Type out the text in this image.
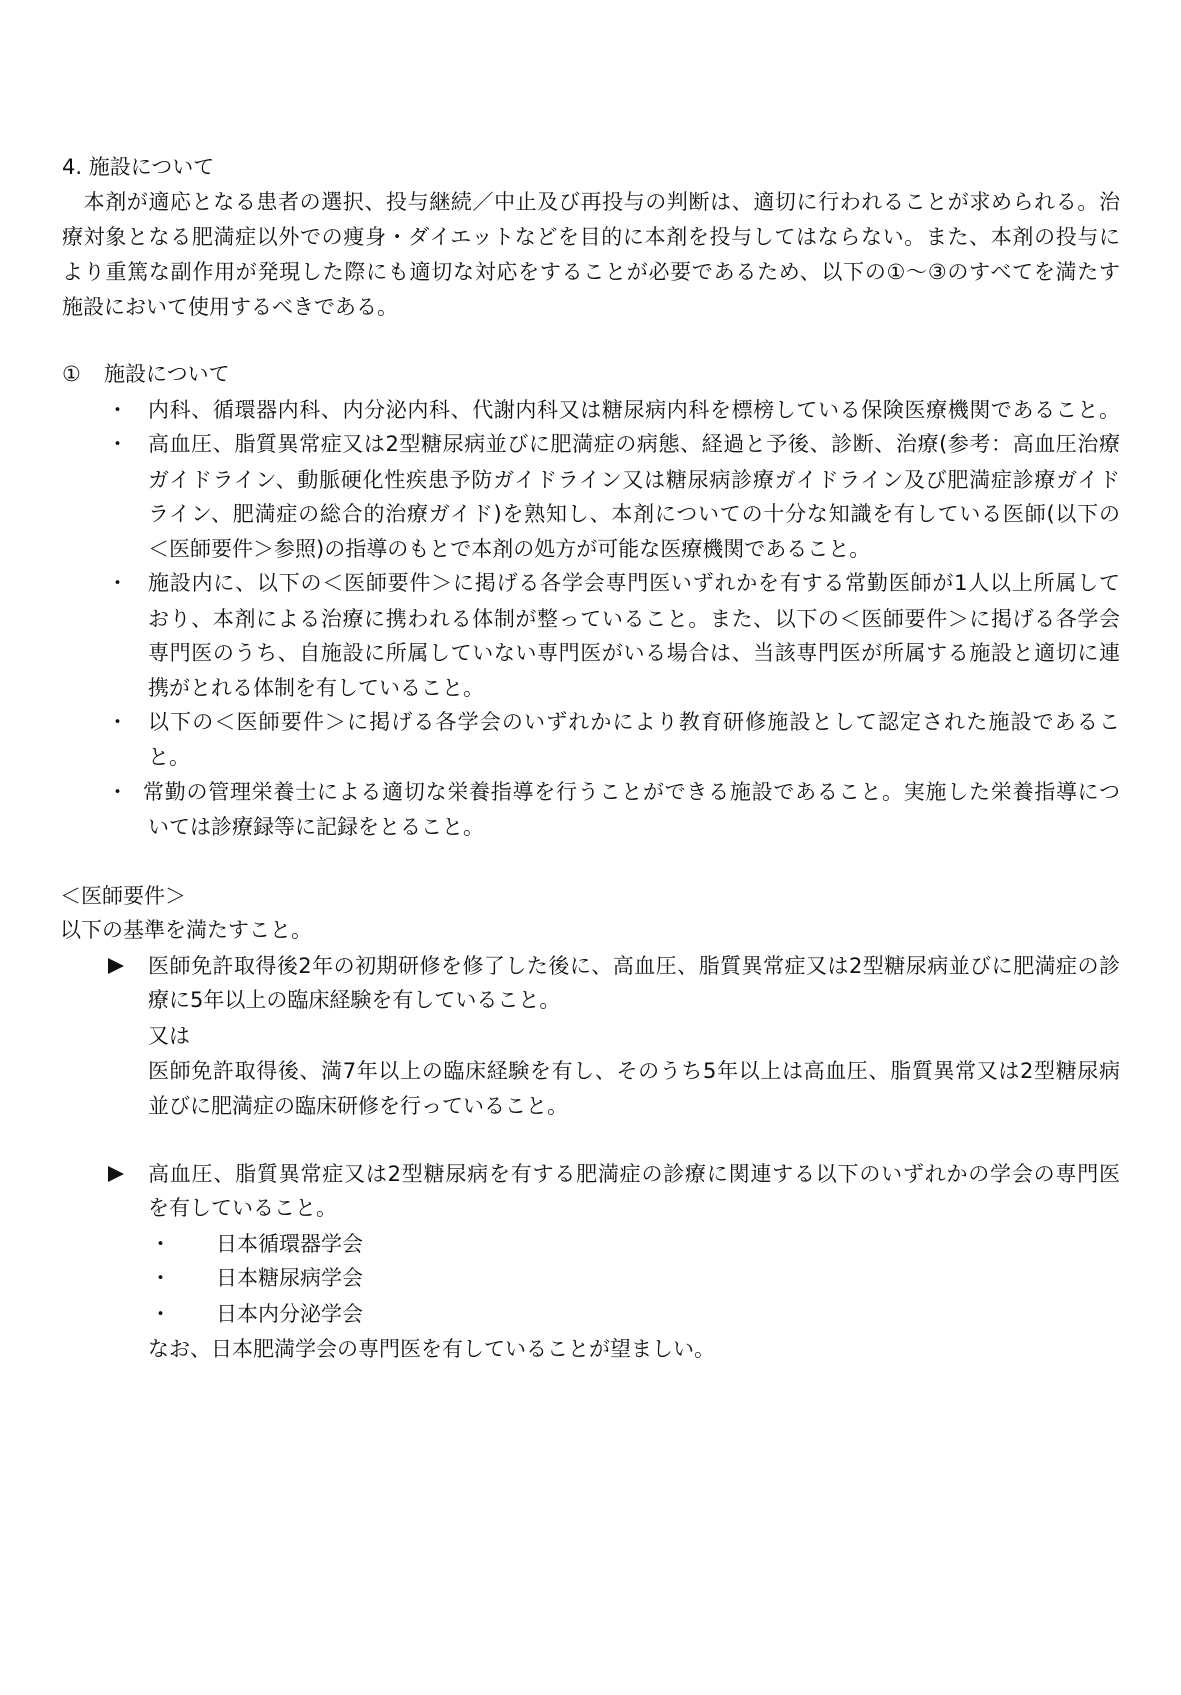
4. 施設について
　本剤が適応となる患者の選択、投与継続／中止及び再投与の判断は、適切に行われることが求められる。治
療対象となる肥満症以外での痩身・ダイエットなどを目的に本剤を投与してはならない。また、本剤の投与に
より重篤な副作用が発現した際にも適切な対応をすることが必要であるため、以下の①～③のすべてを満たす
施設において使用するべきである。
① 施設について
・ 内科、循環器内科、内分泌内科、代謝内科又は糖尿病内科を標榜している保険医療機関であること。
・ 高血圧、脂質異常症又は2型糖尿病並びに肥満症の病態、経過と予後、診断、治療(参考：高血圧治療
ガイドライン、動脈硬化性疾患予防ガイドライン又は糖尿病診療ガイドライン及び肥満症診療ガイド
ライン、肥満症の総合的治療ガイド)を熟知し、本剤についての十分な知識を有している医師(以下の
＜医師要件＞参照)の指導のもとで本剤の処方が可能な医療機関であること。
・ 施設内に、以下の＜医師要件＞に掲げる各学会専門医いずれかを有する常勤医師が1人以上所属して
おり、本剤による治療に携われる体制が整っていること。また、以下の＜医師要件＞に掲げる各学会
専門医のうち、自施設に所属していない専門医がいる場合は、当該専門医が所属する施設と適切に連
携がとれる体制を有していること。
・ 以下の＜医師要件＞に掲げる各学会のいずれかにより教育研修施設として認定された施設であるこ
と。
・ 常勤の管理栄養士による適切な栄養指導を行うことができる施設であること。実施した栄養指導につ
いては診療録等に記録をとること。
＜医師要件＞
以下の基準を満たすこと。
医師免許取得後2年の初期研修を修了した後に、高血圧、脂質異常症又は2型糖尿病並びに肥満症の診
療に5年以上の臨床経験を有していること。
又は
医師免許取得後、満7年以上の臨床経験を有し、そのうち5年以上は高血圧、脂質異常又は2型糖尿病
並びに肥満症の臨床研修を行っていること。
高血圧、脂質異常症又は2型糖尿病を有する肥満症の診療に関連する以下のいずれかの学会の専門医
を有していること。
・ 日本循環器学会
・ 日本糖尿病学会
・ 日本内分泌学会
なお、日本肥満学会の専門医を有していることが望ましい。
